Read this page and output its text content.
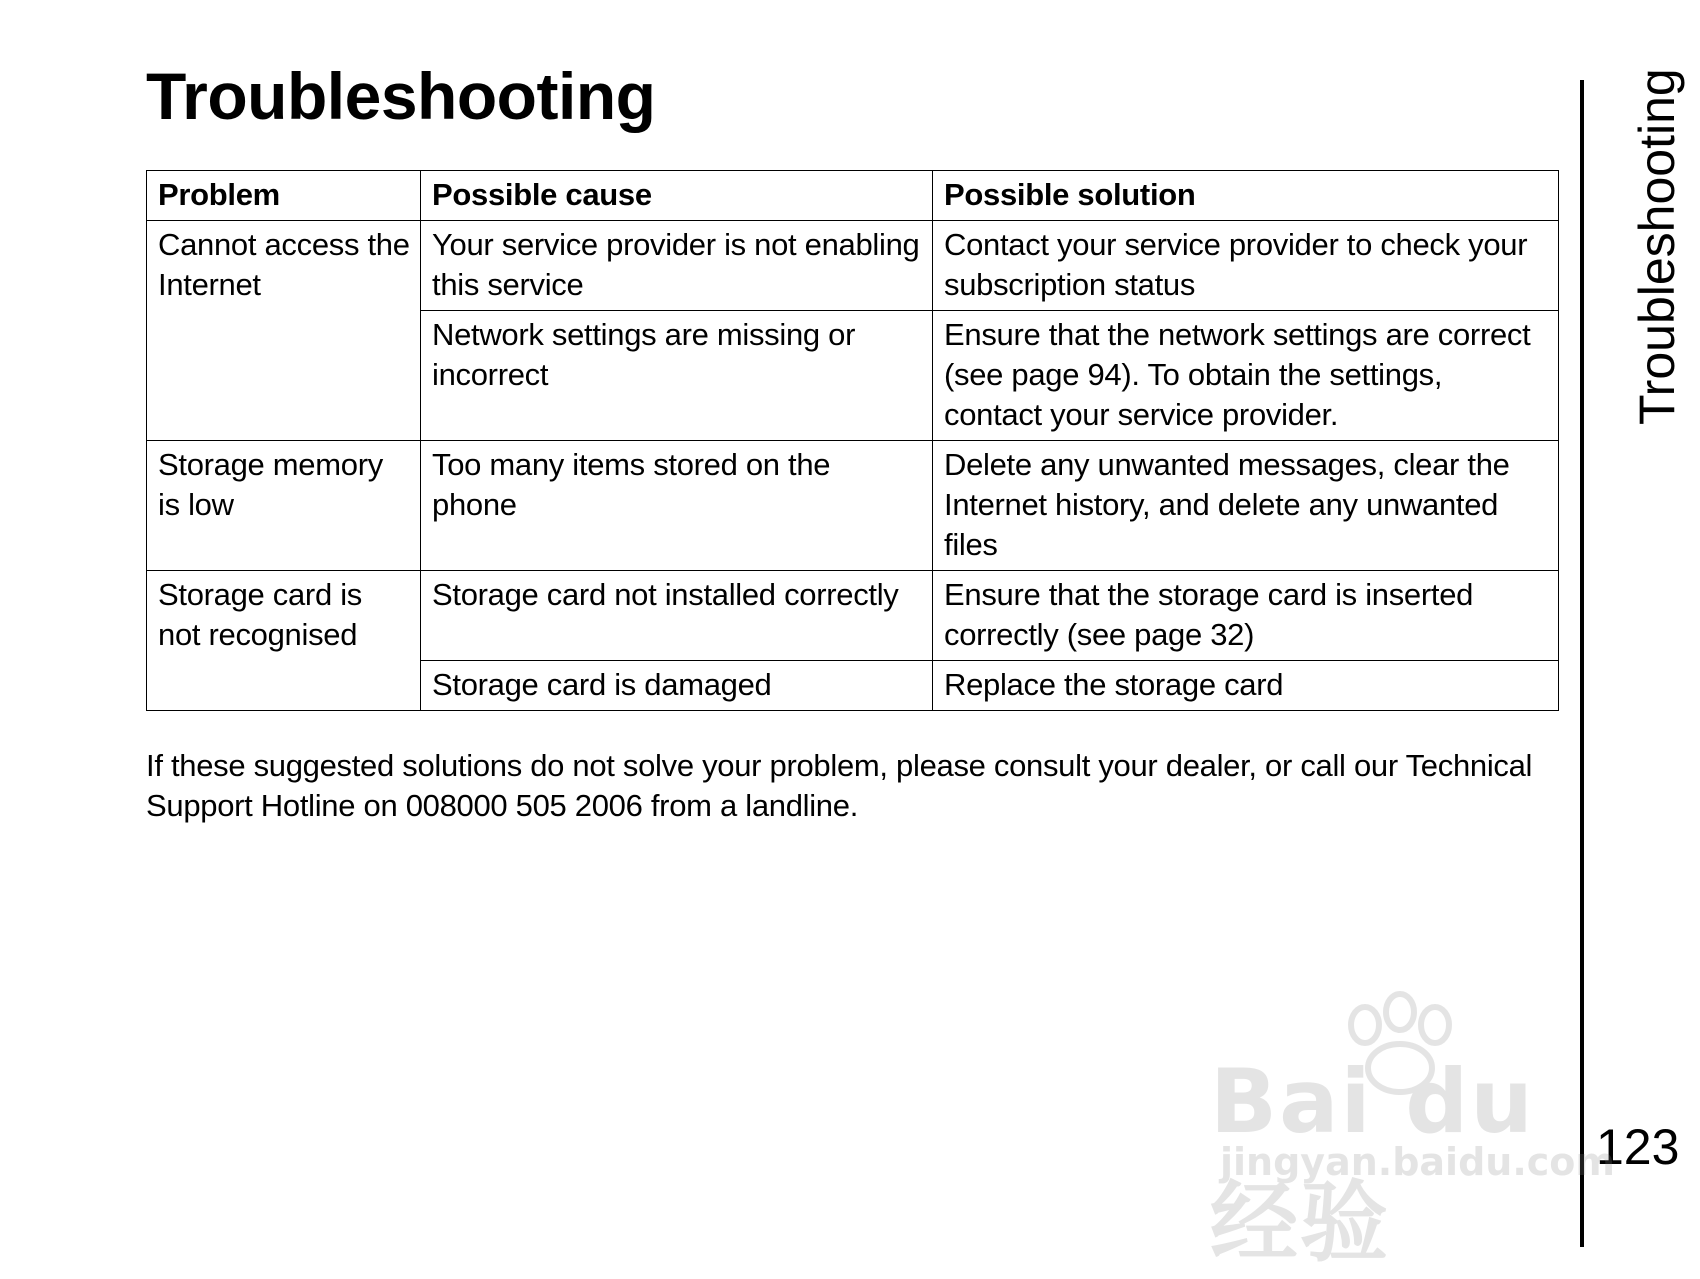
Troubleshooting
Problem	Possible cause	Possible solution
Cannot access the Internet	Your service provider is not enabling this service	Contact your service provider to check your subscription status
	Network settings are missing or incorrect	Ensure that the network settings are correct (see page 94). To obtain the settings, contact your service provider.
Storage memory is low	Too many items stored on the phone	Delete any unwanted messages, clear the Internet history, and delete any unwanted files
Storage card is not recognised	Storage card not installed correctly	Ensure that the storage card is inserted correctly (see page 32)
	Storage card is damaged	Replace the storage card

If these suggested solutions do not solve your problem, please consult your dealer, or call our Technical Support Hotline on 008000 505 2006 from a landline.

Troubleshooting
123
Bai du 经验
jingyan.baidu.com
